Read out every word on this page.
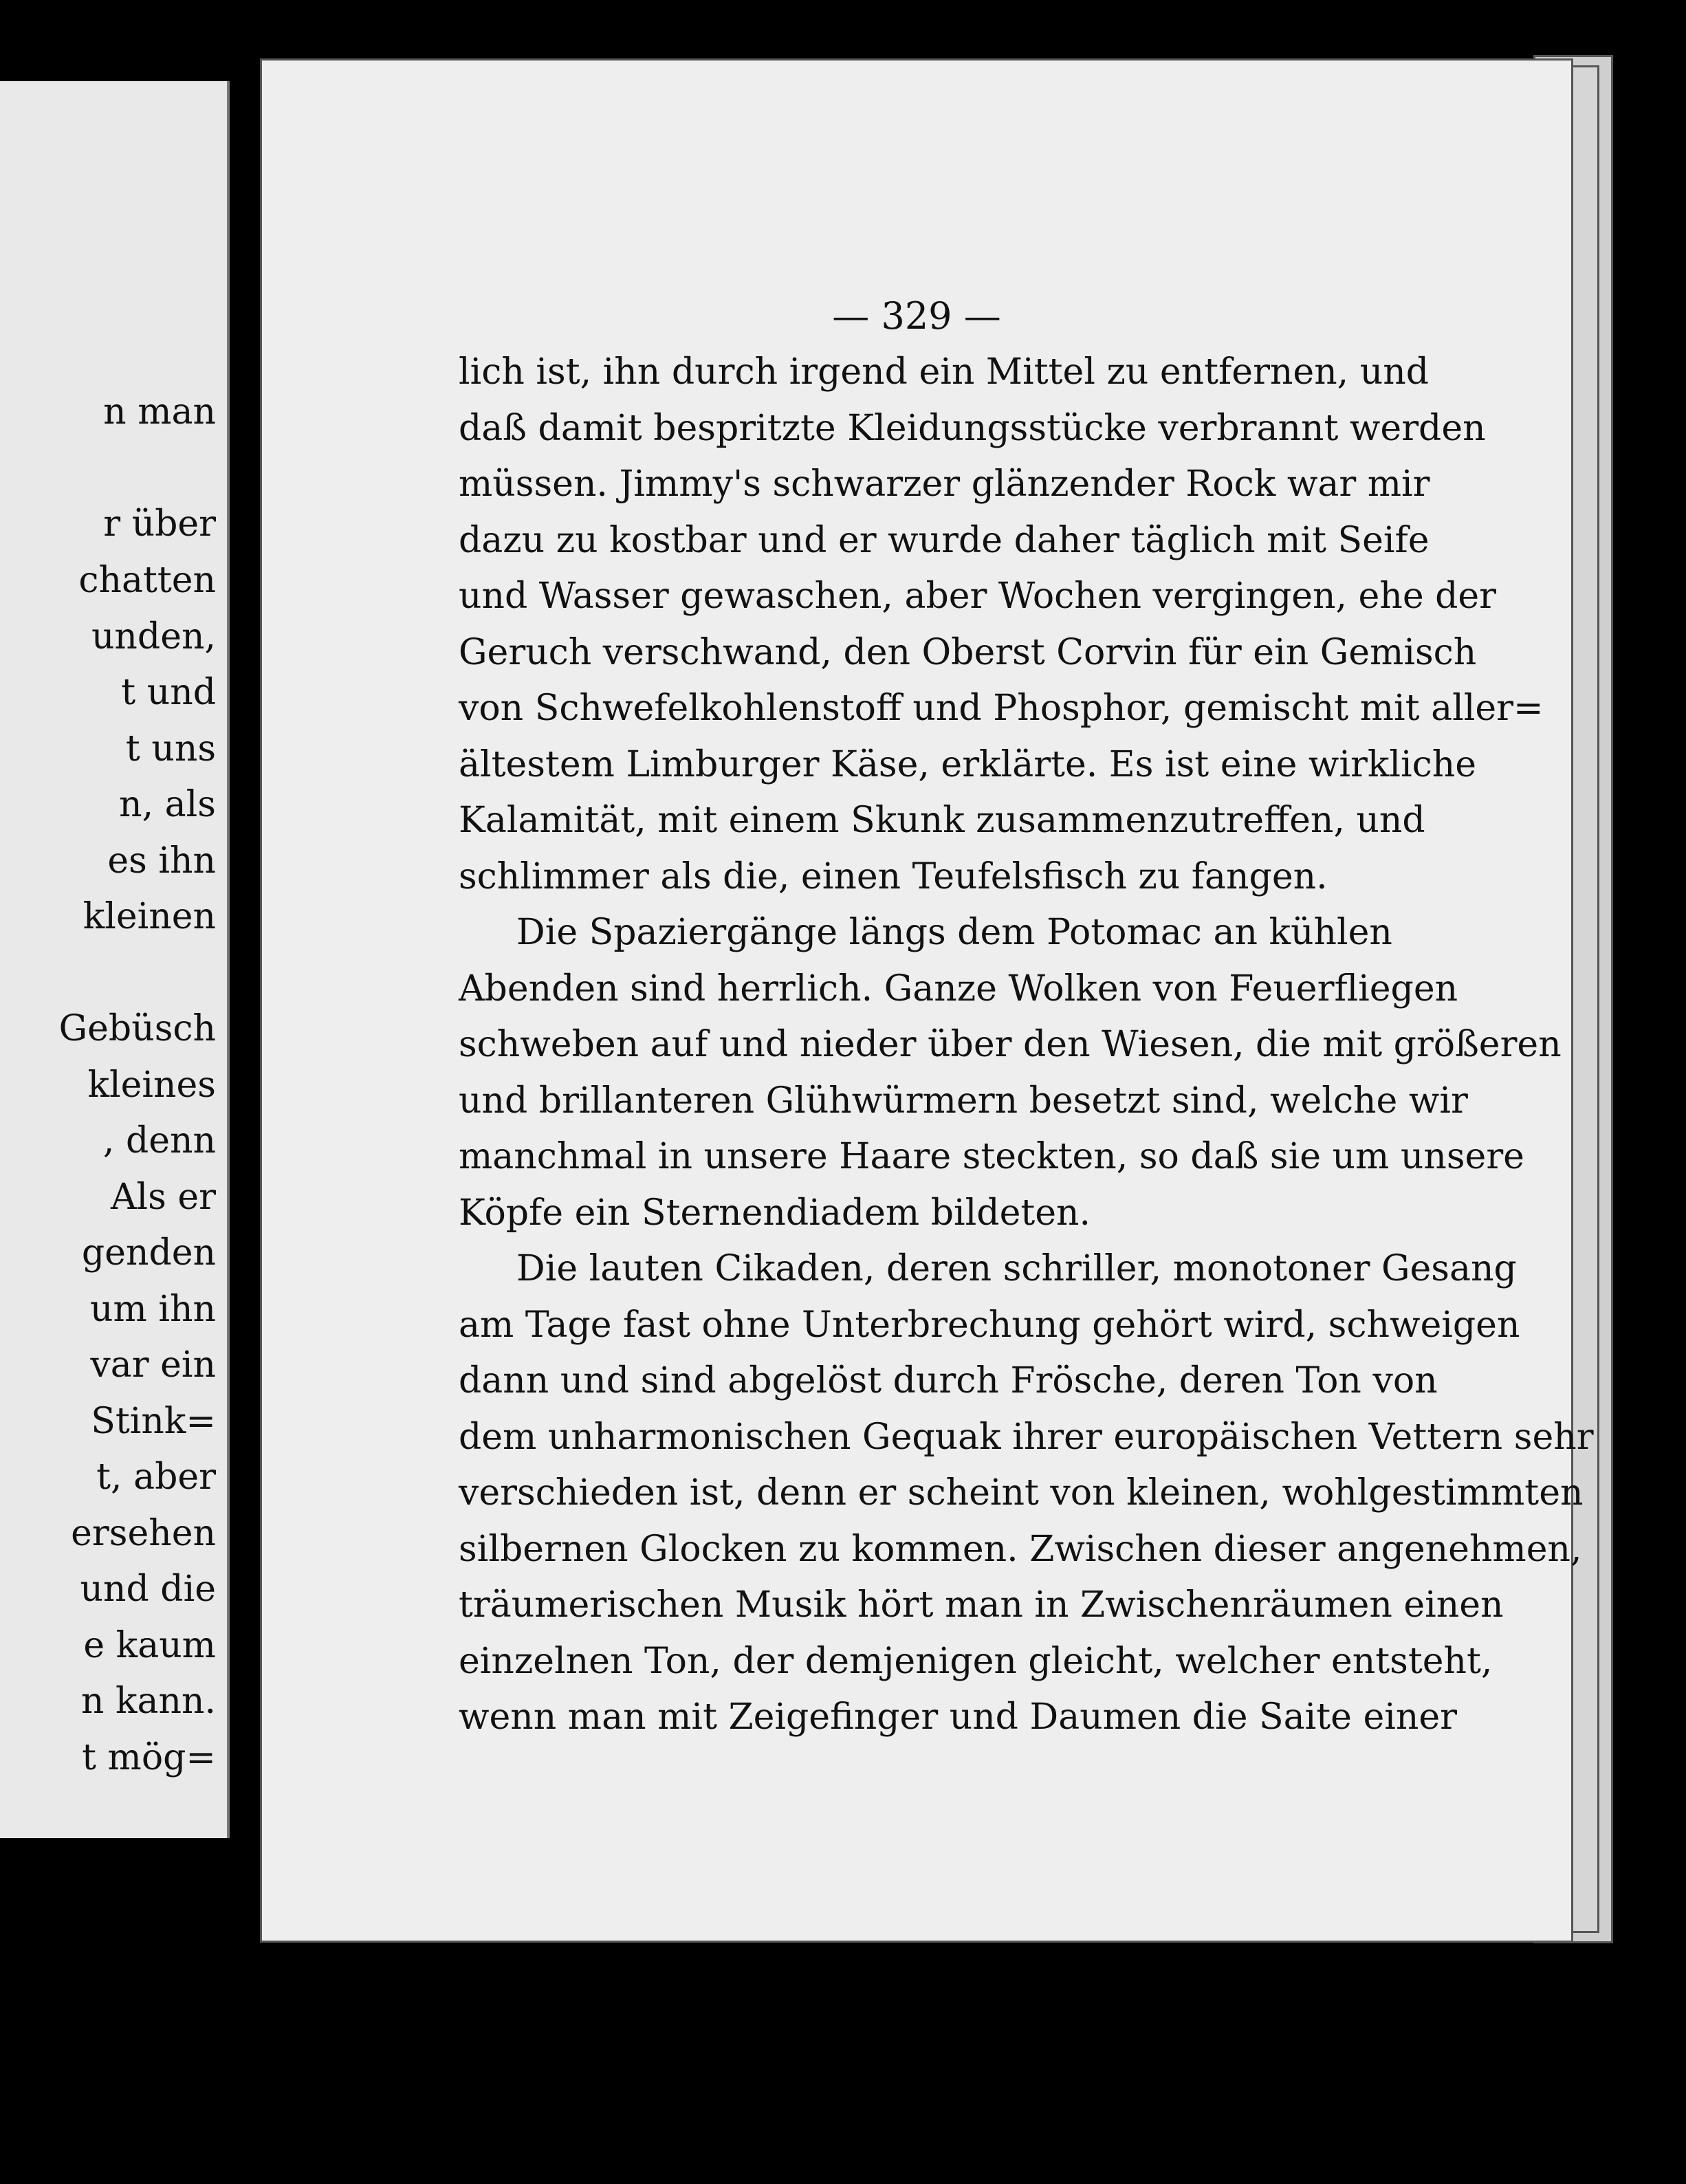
n man
r über
chatten
unden,
t und
t uns
n, als
es ihn
kleinen
Gebüsch
kleines
, denn
Als er
genden
um ihn
var ein
Stink=
t, aber
ersehen
und die
e kaum
n kann.
t mög=
— 329 —
lich ist, ihn durch irgend ein Mittel zu entfernen, und
daß damit bespritzte Kleidungsstücke verbrannt werden
müssen. Jimmy's schwarzer glänzender Rock war mir
dazu zu kostbar und er wurde daher täglich mit Seife
und Wasser gewaschen, aber Wochen vergingen, ehe der
Geruch verschwand, den Oberst Corvin für ein Gemisch
von Schwefelkohlenstoff und Phosphor, gemischt mit aller=
ältestem Limburger Käse, erklärte. Es ist eine wirkliche
Kalamität, mit einem Skunk zusammenzutreffen, und
schlimmer als die, einen Teufelsfisch zu fangen.
Die Spaziergänge längs dem Potomac an kühlen
Abenden sind herrlich. Ganze Wolken von Feuerfliegen
schweben auf und nieder über den Wiesen, die mit größeren
und brillanteren Glühwürmern besetzt sind, welche wir
manchmal in unsere Haare steckten, so daß sie um unsere
Köpfe ein Sternendiadem bildeten.
Die lauten Cikaden, deren schriller, monotoner Gesang
am Tage fast ohne Unterbrechung gehört wird, schweigen
dann und sind abgelöst durch Frösche, deren Ton von
dem unharmonischen Gequak ihrer europäischen Vettern sehr
verschieden ist, denn er scheint von kleinen, wohlgestimmten
silbernen Glocken zu kommen. Zwischen dieser angenehmen,
träumerischen Musik hört man in Zwischenräumen einen
einzelnen Ton, der demjenigen gleicht, welcher entsteht,
wenn man mit Zeigefinger und Daumen die Saite einer
